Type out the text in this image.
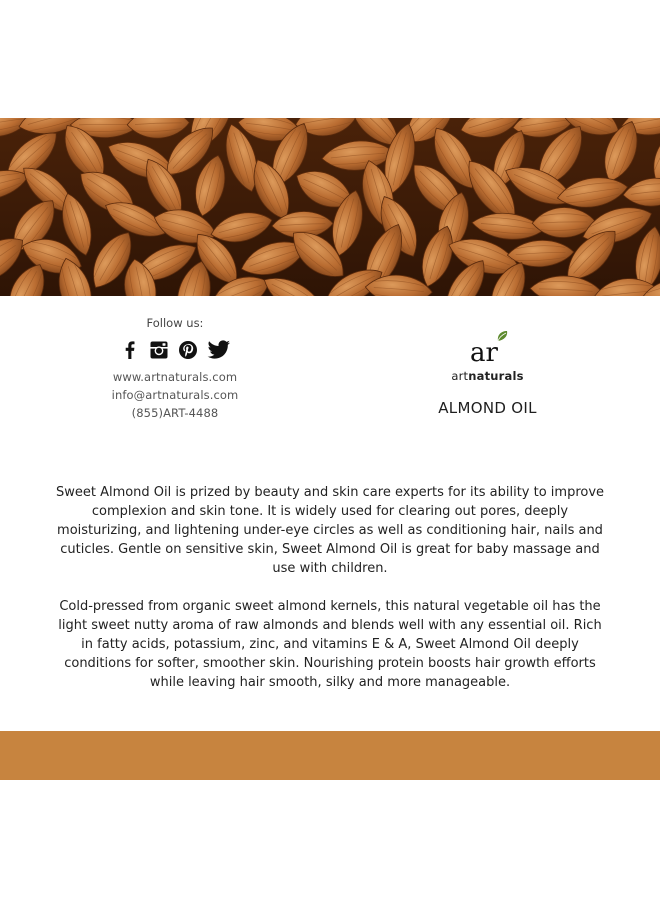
Follow us:
www.artnaturals.com
info@artnaturals.com
(855)ART-4488
ar
artnaturals
ALMOND OIL

Sweet Almond Oil is prized by beauty and skin care experts for its ability to improve complexion and skin tone. It is widely used for clearing out pores, deeply moisturizing, and lightening under-eye circles as well as conditioning hair, nails and cuticles. Gentle on sensitive skin, Sweet Almond Oil is great for baby massage and use with children.

Cold-pressed from organic sweet almond kernels, this natural vegetable oil has the light sweet nutty aroma of raw almonds and blends well with any essential oil. Rich in fatty acids, potassium, zinc, and vitamins E & A, Sweet Almond Oil deeply conditions for softer, smoother skin. Nourishing protein boosts hair growth efforts while leaving hair smooth, silky and more manageable.
